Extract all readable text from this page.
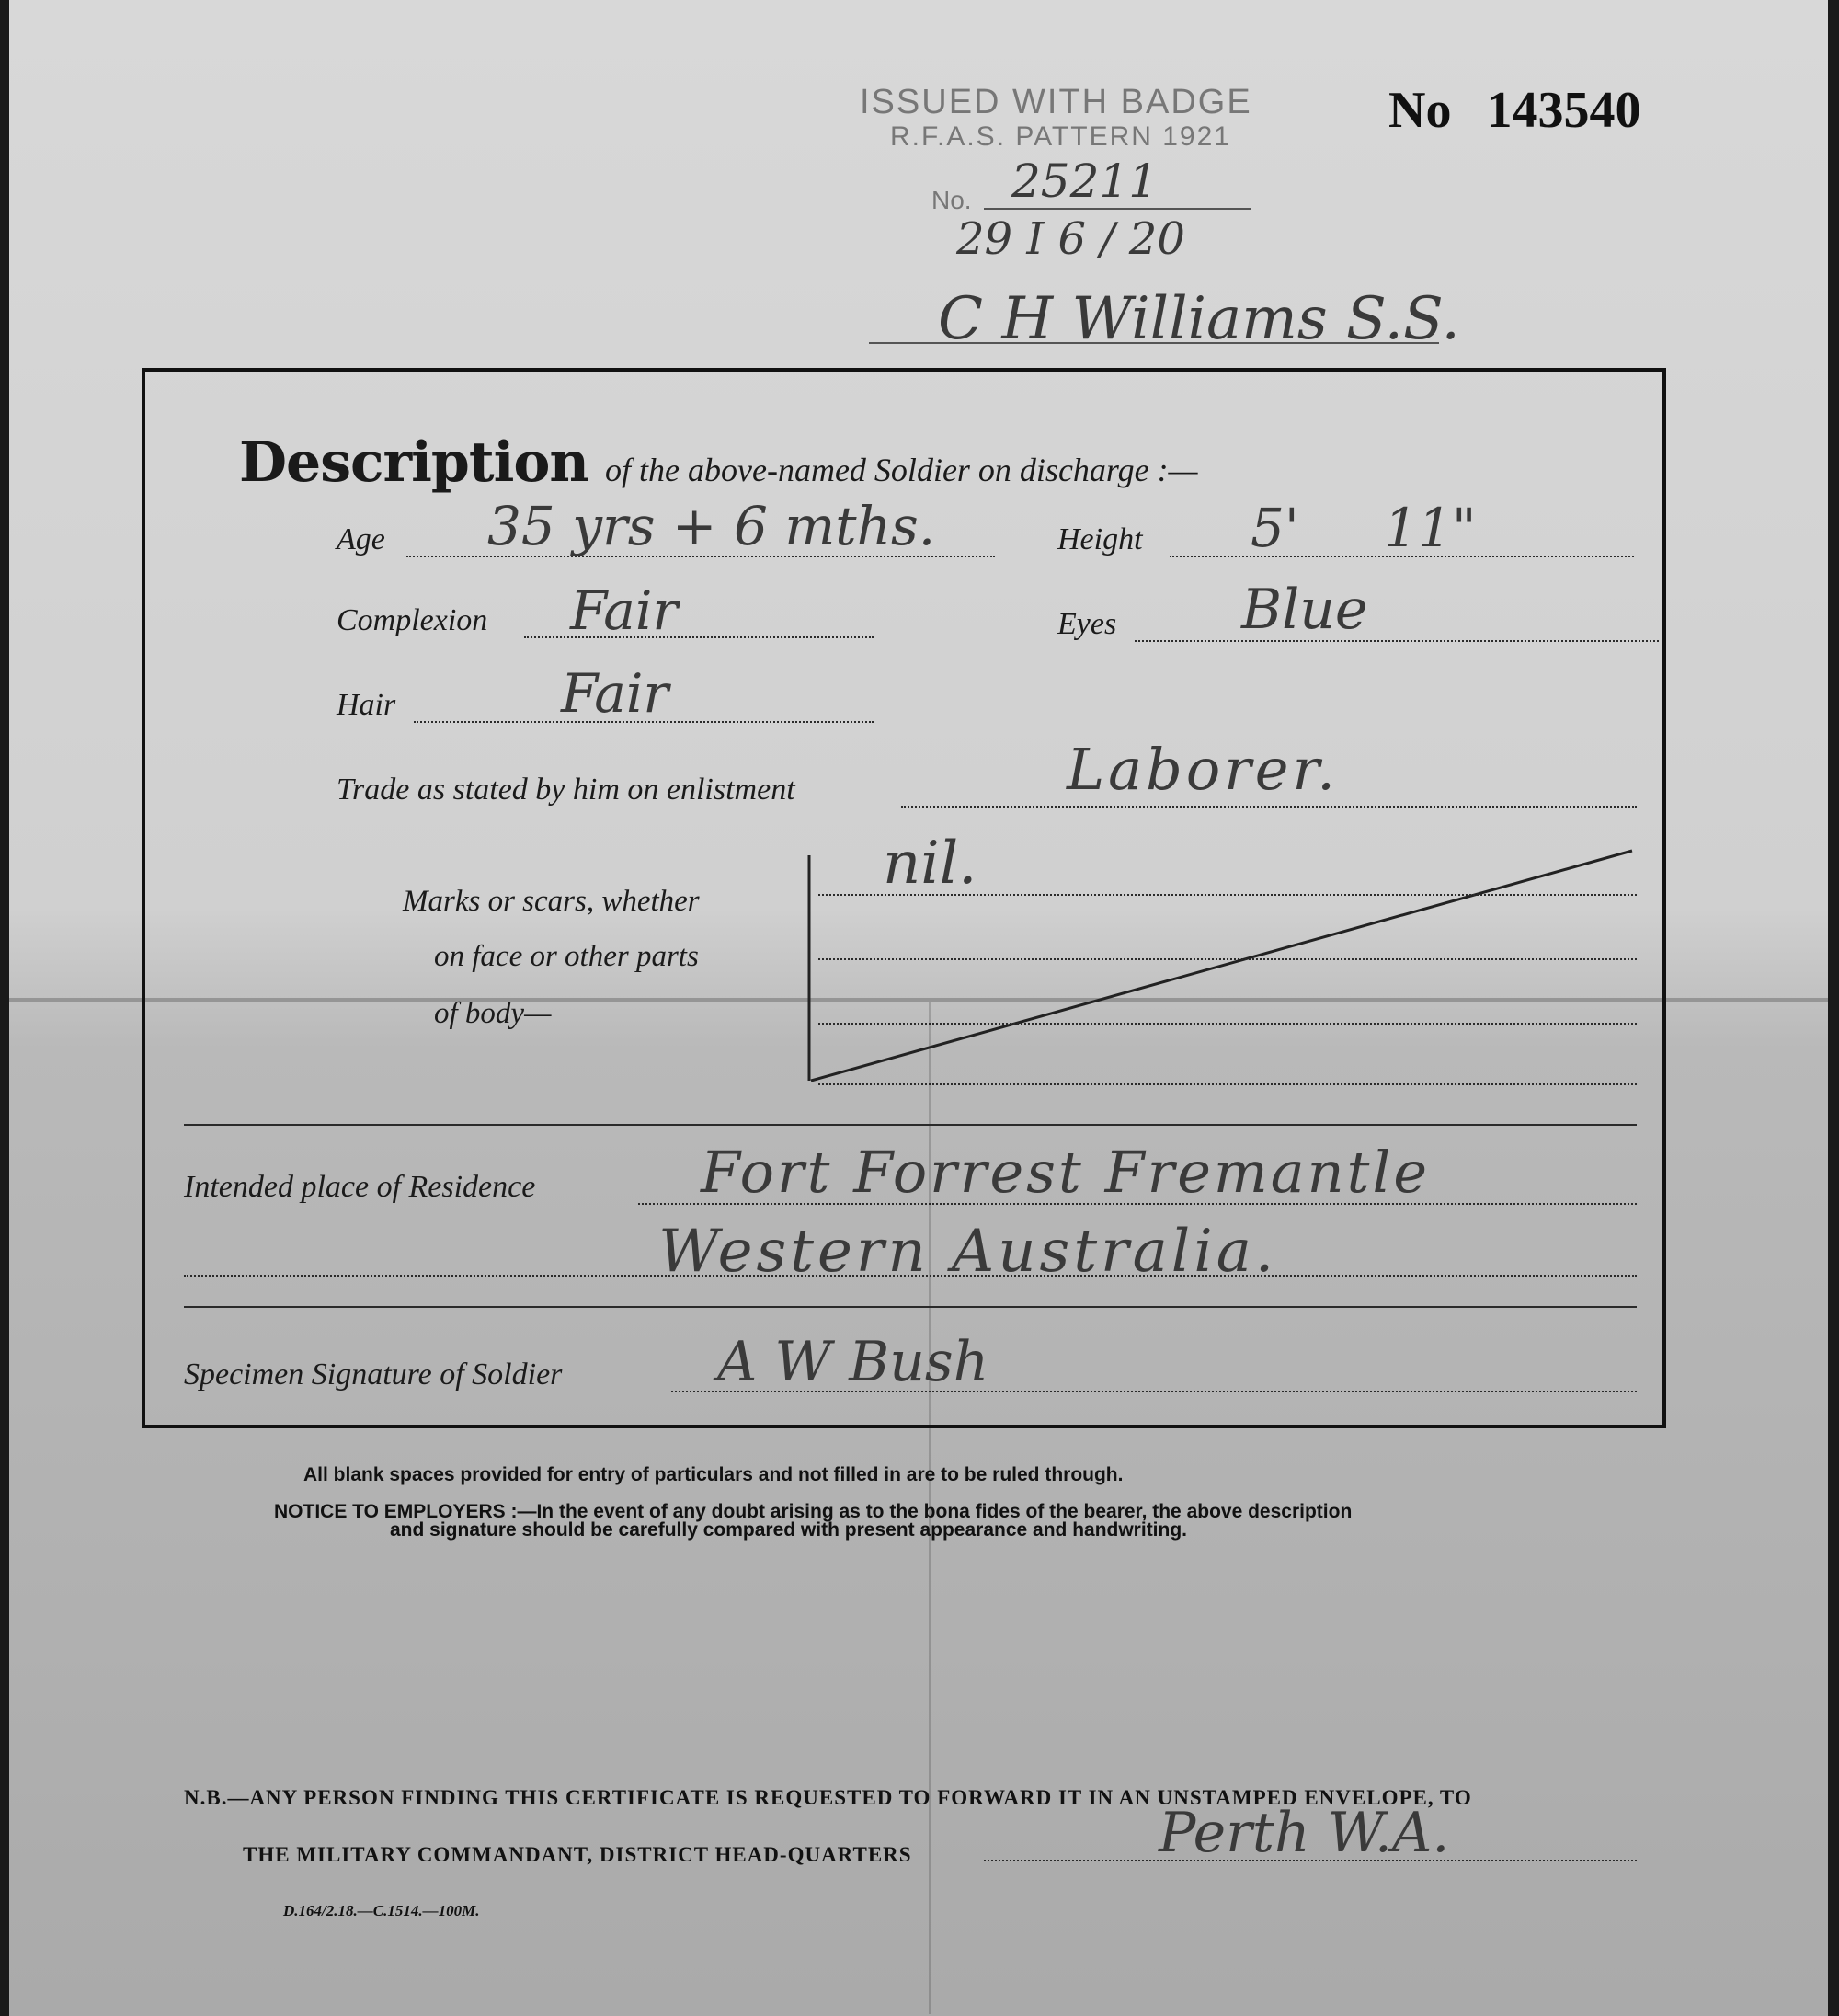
ISSUED WITH BADGE
R.F.A.S. PATTERN 1921
No. 25211
29 I 6 / 20
C H Williams S.S.
No 143540
Description of the above-named Soldier on discharge :—
Age 35 yrs + 6 mths.	Height 5'     11"
Complexion Fair	Eyes Blue
Hair	Fair
Trade as stated by him on enlistment	Laborer.
Marks or scars, whether
on face or other parts
of body—
nil.
Intended place of Residence	Fort Forrest Fremantle
Western Australia.
Specimen Signature of Soldier	A W Bush
All blank spaces provided for entry of particulars and not filled in are to be ruled through.
NOTICE TO EMPLOYERS :—In the event of any doubt arising as to the bona fides of the bearer, the above description
and signature should be carefully compared with present appearance and handwriting.
N.B.—ANY PERSON FINDING THIS CERTIFICATE IS REQUESTED TO FORWARD IT IN AN UNSTAMPED ENVELOPE, TO
THE MILITARY COMMANDANT, DISTRICT HEAD-QUARTERS	Perth W.A.
D.164/2.18.—C.1514.—100M.
